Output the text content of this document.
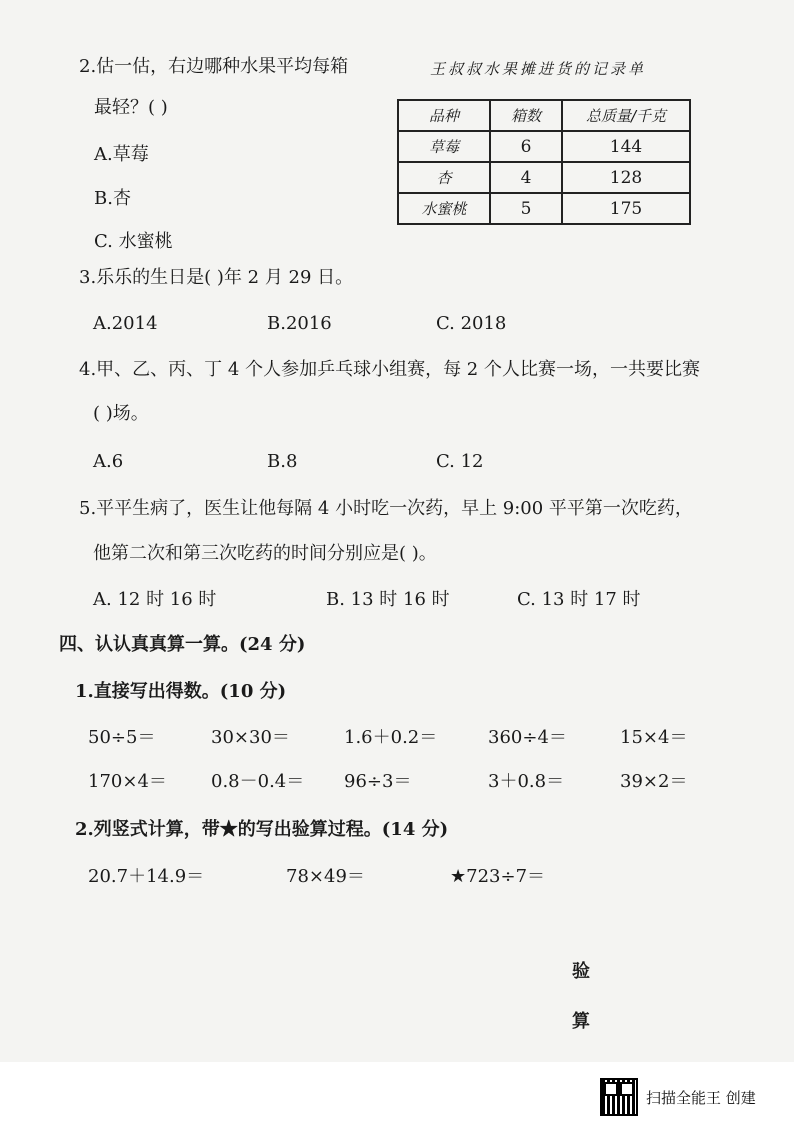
2.估一估，右边哪种水果平均每箱	王叔叔水果摊进货的记录单
最轻？( )
A.草莓
B.杏
C. 水蜜桃
品种	箱数	总质量/千克
草莓	6	144
杏	4	128
水蜜桃	5	175
3.乐乐的生日是( )年 2 月 29 日。
A.2014	B.2016	C. 2018
4.甲、乙、丙、丁 4 个人参加乒乓球小组赛，每 2 个人比赛一场，一共要比赛
( )场。
A.6	B.8	C. 12
5.平平生病了，医生让他每隔 4 小时吃一次药，早上 9:00 平平第一次吃药，
他第二次和第三次吃药的时间分别应是( )。
A. 12 时 16 时	B. 13 时 16 时	C. 13 时 17 时
四、认认真真算一算。(24 分)
1.直接写出得数。(10 分)
50÷5＝	30×30＝	1.6＋0.2＝	360÷4＝	15×4＝
170×4＝ 0.8－0.4＝ 96÷3＝	3＋0.8＝	39×2＝
2.列竖式计算，带★的写出验算过程。(14 分)
20.7＋14.9＝	78×49＝	★723÷7＝
验
算
扫描全能王 创建
